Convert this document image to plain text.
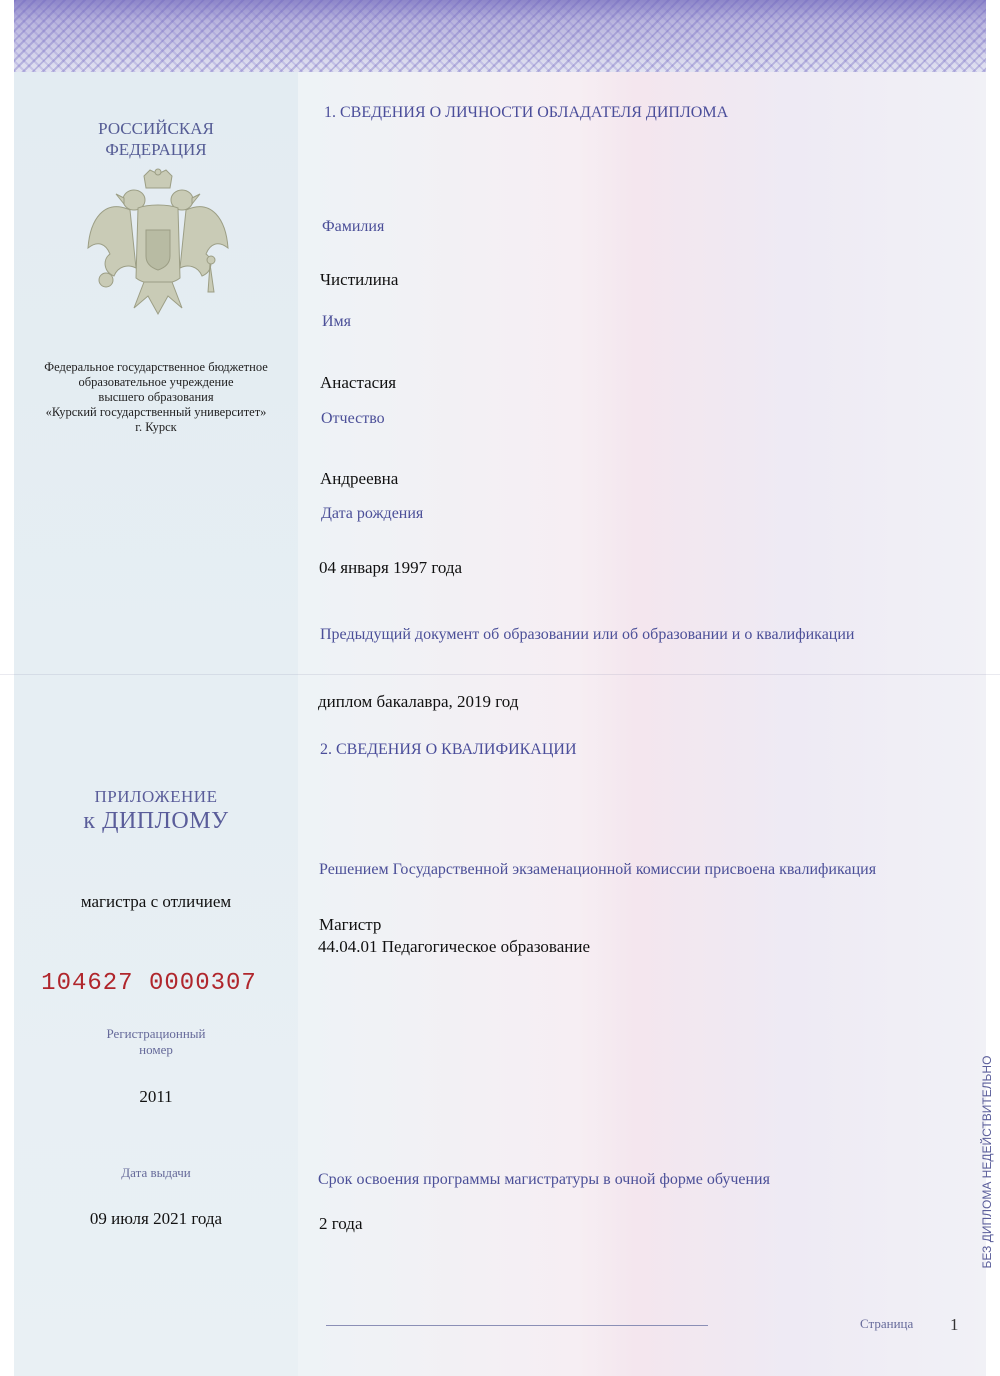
РОССИЙСКАЯ
ФЕДЕРАЦИЯ
Федеральное государственное бюджетное
образовательное учреждение
высшего образования
«Курский государственный университет»
г. Курск
ПРИЛОЖЕНИЕ
к ДИПЛОМУ
магистра с отличием
104627 0000307
Регистрационный
номер
2011
Дата выдачи
09 июля 2021 года
1. СВЕДЕНИЯ О ЛИЧНОСТИ ОБЛАДАТЕЛЯ ДИПЛОМА
Фамилия
Чистилина
Имя
Анастасия
Отчество
Андреевна
Дата рождения
04 января 1997 года
Предыдущий документ об образовании или об образовании и о квалификации
диплом бакалавра, 2019 год
2. СВЕДЕНИЯ О КВАЛИФИКАЦИИ
Решением Государственной экзаменационной комиссии присвоена квалификация
Магистр
44.04.01 Педагогическое образование
Срок освоения программы магистратуры в очной форме обучения
2 года	БЕЗ ДИПЛОМА НЕДЕЙСТВИТЕЛЬНО
Страница 1
